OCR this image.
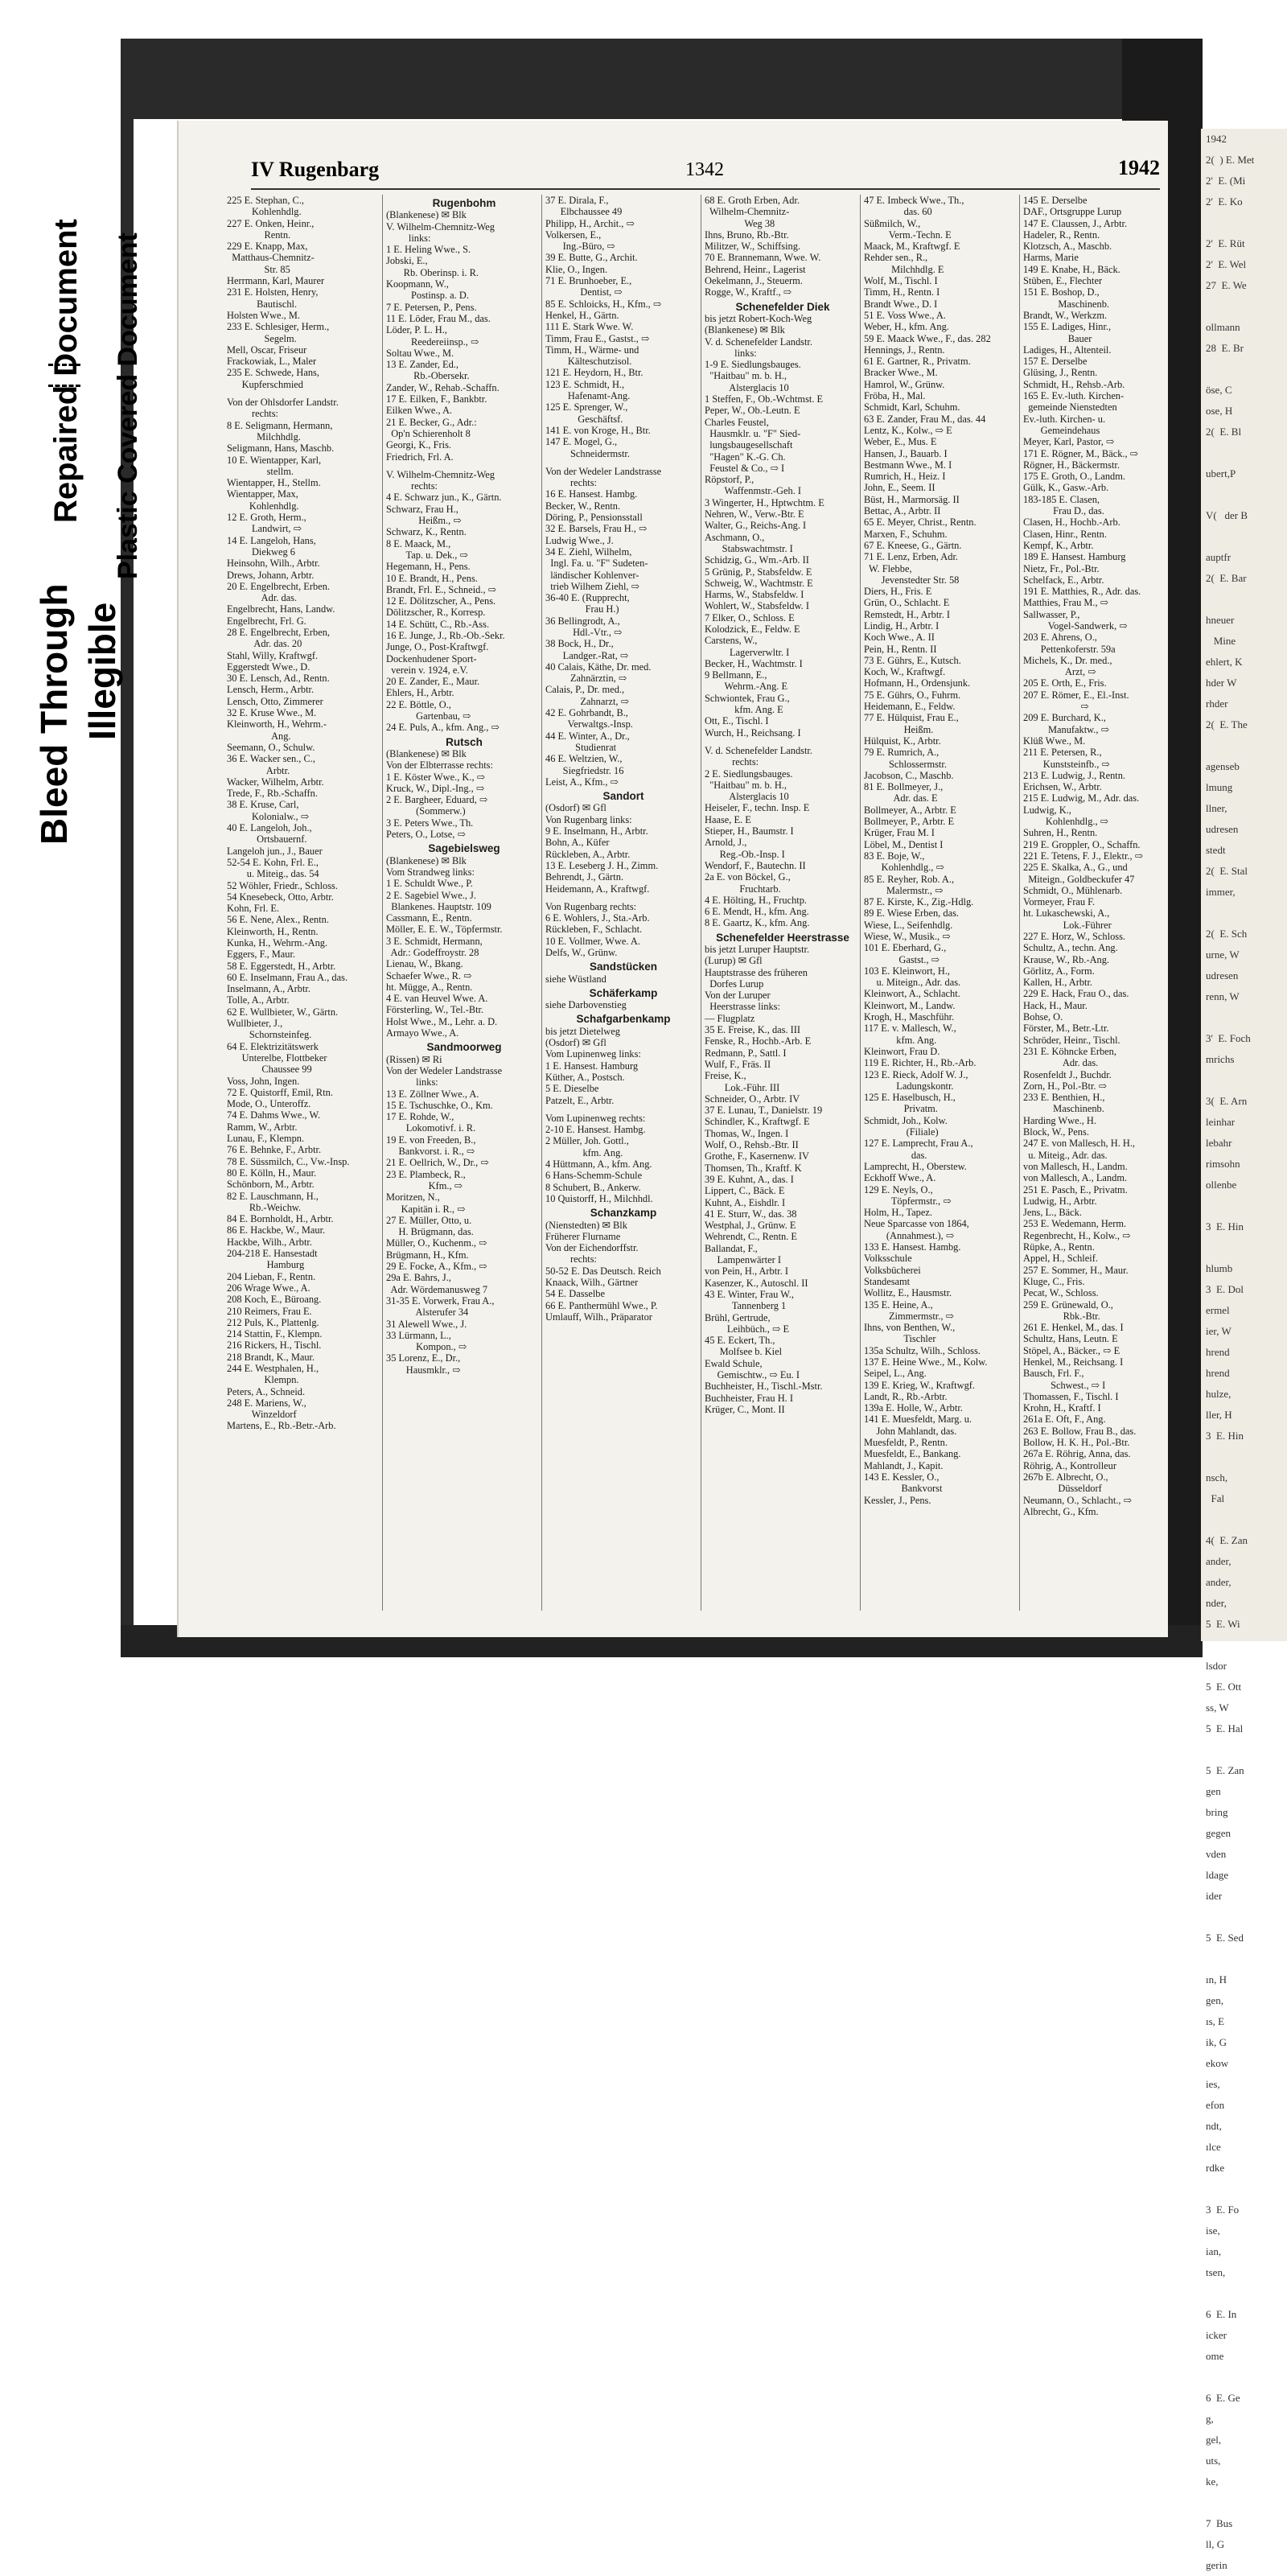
Bleed Through Illegible
Repaired Document Plastic Covered Document
IV Rugenbarg	1342	1942
225 E. Stephan, C.,
Kohlenhdlg.
227 E. Onken, Heinr.,
Rentn.
229 E. Knapp, Max,
Matthaus-Chemnitz-
Str. 85
Herrmann, Karl, Maurer
231 E. Holsten, Henry,
Bautischl.
Holsten Wwe., M.
233 E. Schlesiger, Herm.,
Segelm.
Mell, Oscar, Friseur
Frackowiak, L., Maler
235 E. Schwede, Hans,
Kupferschmied
Von der Ohlsdorfer Landstr.
rechts:
8 E. Seligmann, Hermann,
Milchhdlg.
Seligmann, Hans, Maschb.
10 E. Wientapper, Karl,
stellm.
Wientapper, H., Stellm.
Wientapper, Max,
Kohlenhdlg.
12 E. Groth, Herm.,
Landwirt, ⇨
14 E. Langeloh, Hans,
Diekweg 6
Heinsohn, Wilh., Arbtr.
Drews, Johann, Arbtr.
20 E. Engelbrecht, Erben.
Adr. das.
Engelbrecht, Hans, Landw.
Engelbrecht, Frl. G.
28 E. Engelbrecht, Erben,
Adr. das. 20
Stahl, Willy, Kraftwgf.
Eggerstedt Wwe., D.
30 E. Lensch, Ad., Rentn.
Lensch, Herm., Arbtr.
Lensch, Otto, Zimmerer
32 E. Kruse Wwe., M.
Kleinworth, H., Wehrm.-
Ang.
Seemann, O., Schulw.
36 E. Wacker sen., C.,
Arbtr.
Wacker, Wilhelm, Arbtr.
Trede, F., Rb.-Schaffn.
38 E. Kruse, Carl,
Kolonialw., ⇨
40 E. Langeloh, Joh.,
Ortsbauernf.
Langeloh jun., J., Bauer
52-54 E. Kohn, Frl. E.,
u. Miteig., das. 54
52 Wöhler, Friedr., Schloss.
54 Knesebeck, Otto, Arbtr.
Kohn, Frl. E.
56 E. Nene, Alex., Rentn.
Kleinworth, H., Rentn.
Kunka, H., Wehrm.-Ang.
Eggers, F., Maur.
58 E. Eggerstedt, H., Arbtr.
60 E. Inselmann, Frau A., das.
Inselmann, A., Arbtr.
Tolle, A., Arbtr.
62 E. Wullbieter, W., Gärtn.
Wullbieter, J.,
Schornsteinfeg.
64 E. Elektrizitätswerk
Unterelbe, Flottbeker
Chaussee 99
Voss, John, Ingen.
72 E. Quistorff, Emil, Rtn.
Mode, O., Unteroffz.
74 E. Dahms Wwe., W.
Ramm, W., Arbtr.
Lunau, F., Klempn.
76 E. Behnke, F., Arbtr.
78 E. Süssmilch, C., Vw.-Insp.
80 E. Kölln, H., Maur.
Schönborn, M., Arbtr.
82 E. Lauschmann, H.,
Rb.-Weichw.
84 E. Bornholdt, H., Arbtr.
86 E. Hackbe, W., Maur.
Hackbe, Wilh., Arbtr.
204-218 E. Hansestadt
Hamburg
204 Lieban, F., Rentn.
206 Wrage Wwe., A.
208 Koch, E., Büroang.
210 Reimers, Frau E.
212 Puls, K., Plattenlg.
214 Stattin, F., Klempn.
216 Rickers, H., Tischl.
218 Brandt, K., Maur.
244 E. Westphalen, H.,
Klempn.
Peters, A., Schneid.
248 E. Mariens, W.,
Winzeldorf
Martens, E., Rb.-Betr.-Arb.
Rugenbohm
(Blankenese) ✉ Blk
V. Wilhelm-Chemnitz-Weg
links:
1 E. Heling Wwe., S.
Jobski, E.,
Rb. Oberinsp. i. R.
Koopmann, W.,
Postinsp. a. D.
7 E. Petersen, P., Pens.
11 E. Löder, Frau M., das.
Löder, P. L. H.,
Reedereiinsp., ⇨
Soltau Wwe., M.
13 E. Zander, Ed.,
Rb.-Obersekr.
Zander, W., Rehab.-Schaffn.
17 E. Eilken, F., Bankbtr.
Eilken Wwe., A.
21 E. Becker, G., Adr.:
Op'n Schierenholt 8
Georgi, K., Fris.
Friedrich, Frl. A.
V. Wilhelm-Chemnitz-Weg
rechts:
4 E. Schwarz jun., K., Gärtn.
Schwarz, Frau H.,
Heißm., ⇨
Schwarz, K., Rentn.
8 E. Maack, M.,
Tap. u. Dek., ⇨
Hegemann, H., Pens.
10 E. Brandt, H., Pens.
Brandt, Frl. E., Schneid., ⇨
12 E. Dölitzscher, A., Pens.
Dölitzscher, R., Korresp.
14 E. Schütt, C., Rb.-Ass.
16 E. Junge, J., Rb.-Ob.-Sekr.
Junge, O., Post-Kraftwgf.
Dockenhudener Sport-
verein v. 1924, e.V.
20 E. Zander, E., Maur.
Ehlers, H., Arbtr.
22 E. Böttle, O.,
Gartenbau, ⇨
24 E. Puls, A., kfm. Ang., ⇨
Rutsch
(Blankenese) ✉ Blk
Von der Elbterrasse rechts:
1 E. Köster Wwe., K., ⇨
Kruck, W., Dipl.-Ing., ⇨
2 E. Bargheer, Eduard, ⇨
(Sommerw.)
3 E. Peters Wwe., Th.
Peters, O., Lotse, ⇨
Sagebielsweg
(Blankenese) ✉ Blk
Vom Strandweg links:
1 E. Schuldt Wwe., P.
2 E. Sagebiel Wwe., J.
Blankenes. Hauptstr. 109
Cassmann, E., Rentn.
Möller, E. E. W., Töpfermstr.
3 E. Schmidt, Hermann,
Adr.: Godeffroystr. 28
Lienau, W., Bkang.
Schaefer Wwe., R. ⇨
ht. Mügge, A., Rentn.
4 E. van Heuvel Wwe. A.
Försterling, W., Tel.-Btr.
Holst Wwe., M., Lehr. a. D.
Armayo Wwe., A.
Sandmoorweg
(Rissen) ✉ Ri
Von der Wedeler Landstrasse
links:
13 E. Zöllner Wwe., A.
15 E. Tschuschke, O., Km.
17 E. Rohde, W.,
Lokomotivf. i. R.
19 E. von Freeden, B.,
Bankvorst. i. R., ⇨
21 E. Oellrich, W., Dr., ⇨
23 E. Plambeck, R.,
Kfm., ⇨
Moritzen, N.,
Kapitän i. R., ⇨
27 E. Müller, Otto, u.
H. Brügmann, das.
Müller, O., Kuchenm., ⇨
Brügmann, H., Kfm.
29 E. Focke, A., Kfm., ⇨
29a E. Bahrs, J.,
Adr. Wördemanusweg 7
31-35 E. Vorwerk, Frau A.,
Alsterufer 34
31 Alewell Wwe., J.
33 Lürmann, L.,
Kompon., ⇨
35 Lorenz, E., Dr.,
Hausmklr., ⇨
37 E. Dirala, F.,
Elbchaussee 49
Philipp, H., Archit., ⇨
Volkersen, E.,
Ing.-Büro, ⇨
39 E. Butte, G., Archit.
Klie, O., Ingen.
71 E. Brunhoeber, E.,
Dentist, ⇨
85 E. Schloicks, H., Kfm., ⇨
Henkel, H., Gärtn.
111 E. Stark Wwe. W.
Timm, Frau E., Gastst., ⇨
Timm, H., Wärme- und
Kälteschutzisol.
121 E. Heydorn, H., Btr.
123 E. Schmidt, H.,
Hafenamt-Ang.
125 E. Sprenger, W.,
Geschäftsf.
141 E. von Kroge, H., Btr.
147 E. Mogel, G.,
Schneidermstr.
Von der Wedeler Landstrasse
rechts:
16 E. Hansest. Hambg.
Becker, W., Rentn.
Döring, P., Pensionsstall
32 E. Barsels, Frau H., ⇨
Ludwig Wwe., J.
34 E. Ziehl, Wilhelm,
Ingl. Fa. u. "F" Sudeten-
ländischer Kohlenver-
trieb Wilhem Ziehl, ⇨
36-40 E. (Rupprecht,
Frau H.)
36 Bellingrodt, A.,
Hdl.-Vtr., ⇨
38 Bock, H., Dr.,
Landger.-Rat, ⇨
40 Calais, Käthe, Dr. med.
Zahnärztin, ⇨
Calais, P., Dr. med.,
Zahnarzt, ⇨
42 E. Gohrbandt, B.,
Verwaltgs.-Insp.
44 E. Winter, A., Dr.,
Studienrat
46 E. Weltzien, W.,
Siegfriedstr. 16
Leist, A., Kfm., ⇨
Sandort
(Osdorf) ✉ Gfl
Von Rugenbarg links:
9 E. Inselmann, H., Arbtr.
Bohn, A., Küfer
Rückleben, A., Arbtr.
13 E. Leseberg J. H., Zimm.
Behrendt, J., Gärtn.
Heidemann, A., Kraftwgf.
Von Rugenbarg rechts:
6 E. Wohlers, J., Sta.-Arb.
Rückleben, F., Schlacht.
10 E. Vollmer, Wwe. A.
Delfs, W., Grünw.
Sandstücken
siehe Wüstland
Schäferkamp
siehe Darbovenstieg
Schafgarbenkamp
bis jetzt Dietelweg
(Osdorf) ✉ Gfl
Vom Lupinenweg links:
1 E. Hansest. Hamburg
Küther, A., Postsch.
5 E. Dieselbe
Patzelt, E., Arbtr.
Vom Lupinenweg rechts:
2-10 E. Hansest. Hambg.
2 Müller, Joh. Gottl.,
kfm. Ang.
4 Hüttmann, A., kfm. Ang.
6 Hans-Schemm-Schule
8 Schubert, B., Ankerw.
10 Quistorff, H., Milchhdl.
Schanzkamp
(Nienstedten) ✉ Blk
Früherer Flurname
Von der Eichendorffstr.
rechts:
50-52 E. Das Deutsch. Reich
Knaack, Wilh., Gärtner
54 E. Dasselbe
66 E. Panthermühl Wwe., P.
Umlauff, Wilh., Präparator
68 E. Groth Erben, Adr.
Wilhelm-Chemnitz-
Weg 38
Ihns, Bruno, Rb.-Btr.
Militzer, W., Schiffsing.
70 E. Brannemann, Wwe. W.
Behrend, Heinr., Lagerist
Oekelmann, J., Steuerm.
Rogge, W., Kraftf., ⇨
Schenefelder Diek
bis jetzt Robert-Koch-Weg
(Blankenese) ✉ Blk
V. d. Schenefelder Landstr.
links:
1-9 E. Siedlungsbauges.
"Haitbau" m. b. H.,
Alsterglacis 10
1 Steffen, F., Ob.-Wchtmst. E
Peper, W., Ob.-Leutn. E
Charles Feustel,
Hausmklr. u. "F" Sied-
lungsbaugesellschaft
"Hagen" K.-G. Ch.
Feustel & Co., ⇨ I
Röpstorf, P.,
Waffenmstr.-Geh. I
3 Wingerter, H., Hptwchtm. E
Nehren, W., Verw.-Btr. E
Walter, G., Reichs-Ang. I
Aschmann, O.,
Stabswachtmstr. I
Schidzig, G., Wm.-Arb. II
5 Grünig, P., Stabsfeldw. E
Schweig, W., Wachtmstr. E
Harms, W., Stabsfeldw. I
Wohlert, W., Stabsfeldw. I
7 Elker, O., Schloss. E
Kolodzick, E., Feldw. E
Carstens, W.,
Lagerverwltr. I
Becker, H., Wachtmstr. I
9 Bellmann, E.,
Wehrm.-Ang. E
Schwiontek, Frau G.,
kfm. Ang. E
Ott, E., Tischl. I
Wurch, H., Reichsang. I
V. d. Schenefelder Landstr.
rechts:
2 E. Siedlungsbauges.
"Haitbau" m. b. H.,
Alsterglacis 10
Heiseler, F., techn. Insp. E
Haase, E. E
Stieper, H., Baumstr. I
Arnold, J.,
Reg.-Ob.-Insp. I
Wendorf, F., Bautechn. II
2a E. von Böckel, G.,
Fruchtarb.
4 E. Hölting, H., Fruchtp.
6 E. Mendt, H., kfm. Ang.
8 E. Gaartz, K., kfm. Ang.
Schenefelder Heerstrasse
bis jetzt Luruper Hauptstr.
(Lurup) ✉ Gfl
Hauptstrasse des früheren
Dorfes Lurup
Von der Luruper
Heerstrasse links:
— Flugplatz
35 E. Freise, K., das. III
Fenske, R., Hochb.-Arb. E
Redmann, P., Sattl. I
Wulf, F., Fräs. II
Freise, K.,
Lok.-Führ. III
Schneider, O., Arbtr. IV
37 E. Lunau, T., Danielstr. 19
Schindler, K., Kraftwgf. E
Thomas, W., Ingen. I
Wolf, O., Rehsb.-Btr. II
Grothe, F., Kasernenw. IV
Thomsen, Th., Kraftf. K
39 E. Kuhnt, A., das. I
Lippert, C., Bäck. E
Kuhnt, A., Eishdlr. I
41 E. Sturr, W., das. 38
Westphal, J., Grünw. E
Wehrendt, C., Rentn. E
Ballandat, F.,
Lampenwärter I
von Pein, H., Arbtr. I
Kasenzer, K., Autoschl. II
43 E. Winter, Frau W.,
Tannenberg 1
Brühl, Gertrude,
Leihbüch., ⇨ E
45 E. Eckert, Th.,
Molfsee b. Kiel
Ewald Schule,
Gemischtw., ⇨ Eu. I
Buchheister, H., Tischl.-Mstr.
Buchheister, Frau H. I
Krüger, C., Mont. II
47 E. Imbeck Wwe., Th.,
das. 60
Süßmilch, W.,
Verm.-Techn. E
Maack, M., Kraftwgf. E
Rehder sen., R.,
Milchhdlg. E
Wolf, M., Tischl. I
Timm, H., Rentn. I
Brandt Wwe., D. I
51 E. Voss Wwe., A.
Weber, H., kfm. Ang.
59 E. Maack Wwe., F., das. 282
Hennings, J., Rentn.
61 E. Gartner, R., Privatm.
Bracker Wwe., M.
Hamrol, W., Grünw.
Fröba, H., Mal.
Schmidt, Karl, Schuhm.
63 E. Zander, Frau M., das. 44
Lentz, K., Kolw., ⇨ E
Weber, E., Mus. E
Hansen, J., Bauarb. I
Bestmann Wwe., M. I
Rumrich, H., Heiz. I
John, E., Seem. II
Büst, H., Marmorsäg. II
Bettac, A., Arbtr. II
65 E. Meyer, Christ., Rentn.
Marxen, F., Schuhm.
67 E. Kneese, G., Gärtn.
71 E. Lenz, Erben, Adr.
W. Flebbe,
Jevenstedter Str. 58
Diers, H., Fris. E
Grün, O., Schlacht. E
Remstedt, H., Arbtr. I
Lindig, H., Arbtr. I
Koch Wwe., A. II
Pein, H., Rentn. II
73 E. Gührs, E., Kutsch.
Koch, W., Kraftwgf.
Hofmann, H., Ordensjunk.
75 E. Gührs, O., Fuhrm.
Heidemann, E., Feldw.
77 E. Hülquist, Frau E.,
Heißm.
Hülquist, K., Arbtr.
79 E. Rumrich, A.,
Schlossermstr.
Jacobson, C., Maschb.
81 E. Bollmeyer, J.,
Adr. das. E
Bollmeyer, A., Arbtr. E
Bollmeyer, P., Arbtr. E
Krüger, Frau M. I
Löbel, M., Dentist I
83 E. Boje, W.,
Kohlenhdlg., ⇨
85 E. Reyher, Rob. A.,
Malermstr., ⇨
87 E. Kirste, K., Zig.-Hdlg.
89 E. Wiese Erben, das.
Wiese, L., Seifenhdlg.
Wiese, W., Musik., ⇨
101 E. Eberhard, G.,
Gastst., ⇨
103 E. Kleinwort, H.,
u. Miteign., Adr. das.
Kleinwort, A., Schlacht.
Kleinwort, M., Landw.
Krogh, H., Maschführ.
117 E. v. Mallesch, W.,
kfm. Ang.
Kleinwort, Frau D.
119 E. Richter, H., Rb.-Arb.
123 E. Rieck, Adolf W. J.,
Ladungskontr.
125 E. Haselbusch, H.,
Privatm.
Schmidt, Joh., Kolw.
(Filiale)
127 E. Lamprecht, Frau A.,
das.
Lamprecht, H., Oberstew.
Eckhoff Wwe., A.
129 E. Neyls, O.,
Töpfermstr., ⇨
Holm, H., Tapez.
Neue Sparcasse von 1864,
(Annahmest.), ⇨
133 E. Hansest. Hambg.
Volksschule
Volksbücherei
Standesamt
Wollitz, E., Hausmstr.
135 E. Heine, A.,
Zimmermstr., ⇨
Ihns, von Benthen, W.,
Tischler
135a Schultz, Wilh., Schloss.
137 E. Heine Wwe., M., Kolw.
Seipel, L., Ang.
139 E. Krieg, W., Kraftwgf.
Landt, R., Rb.-Arbtr.
139a E. Holle, W., Arbtr.
141 E. Muesfeldt, Marg. u.
John Mahlandt, das.
Muesfeldt, P., Rentn.
Muesfeldt, E., Bankang.
Mahlandt, J., Kapit.
143 E. Kessler, O.,
Bankvorst
Kessler, J., Pens.
145 E. Derselbe
DAF., Ortsgruppe Lurup
147 E. Claussen, J., Arbtr.
Hadeler, R., Rentn.
Klotzsch, A., Maschb.
Harms, Marie
149 E. Knabe, H., Bäck.
Stüben, E., Flechter
151 E. Boshop, D.,
Maschinenb.
Brandt, W., Werkzm.
155 E. Ladiges, Hinr.,
Bauer
Ladiges, H., Altenteil.
157 E. Derselbe
Glüsing, J., Rentn.
Schmidt, H., Rehsb.-Arb.
165 E. Ev.-luth. Kirchen-
gemeinde Nienstedten
Ev.-luth. Kirchen- u.
Gemeindehaus
Meyer, Karl, Pastor, ⇨
171 E. Rögner, M., Bäck., ⇨
Rögner, H., Bäckermstr.
175 E. Groth, O., Landm.
Gülk, K., Gasw.-Arb.
183-185 E. Clasen,
Frau D., das.
Clasen, H., Hochb.-Arb.
Clasen, Hinr., Rentn.
Kempf, K., Arbtr.
189 E. Hansest. Hamburg
Nietz, Fr., Pol.-Btr.
Schelfack, E., Arbtr.
191 E. Matthies, R., Adr. das.
Matthies, Frau M., ⇨
Sallwasser, P.,
Vogel-Sandwerk, ⇨
203 E. Ahrens, O.,
Pettenkoferstr. 59a
Michels, K., Dr. med.,
Arzt, ⇨
205 E. Orth, E., Fris.
207 E. Römer, E., El.-Inst.
⇨
209 E. Burchard, K.,
Manufaktw., ⇨
Klüß Wwe., M.
211 E. Petersen, R.,
Kunststeinfb., ⇨
213 E. Ludwig, J., Rentn.
Erichsen, W., Arbtr.
215 E. Ludwig, M., Adr. das.
Ludwig, K.,
Kohlenhdlg., ⇨
Suhren, H., Rentn.
219 E. Groppler, O., Schaffn.
221 E. Tetens, F. J., Elektr., ⇨
225 E. Skalka, A., G., und
Miteign., Goldbeckufer 47
Schmidt, O., Mühlenarb.
Vormeyer, Frau F.
ht. Lukaschewski, A.,
Lok.-Führer
227 E. Horz, W., Schloss.
Schultz, A., techn. Ang.
Krause, W., Rb.-Ang.
Görlitz, A., Form.
Kallen, H., Arbtr.
229 E. Hack, Frau O., das.
Hack, H., Maur.
Bohse, O.
Förster, M., Betr.-Ltr.
Schröder, Heinr., Tischl.
231 E. Köhncke Erben,
Adr. das.
Rosenfeldt J., Buchdr.
Zorn, H., Pol.-Btr. ⇨
233 E. Benthien, H.,
Maschinenb.
Harding Wwe., H.
Block, W., Pens.
247 E. von Mallesch, H. H.,
u. Miteig., Adr. das.
von Mallesch, H., Landm.
von Mallesch, A., Landm.
251 E. Pasch, E., Privatm.
Ludwig, H., Arbtr.
Jens, L., Bäck.
253 E. Wedemann, Herm.
Regenbrecht, H., Kolw., ⇨
Rüpke, A., Rentn.
Appel, H., Schleif.
257 E. Sommer, H., Maur.
Kluge, C., Fris.
Pecat, W., Schloss.
259 E. Grünewald, O.,
Rbk.-Btr.
261 E. Henkel, M., das. I
Schultz, Hans, Leutn. E
Stöpel, A., Bäcker., ⇨ E
Henkel, M., Reichsang. I
Bausch, Frl. F.,
Schwest., ⇨ I
Thomassen, F., Tischl. I
Krohn, H., Kraftf. I
261a E. Oft, F., Ang.
263 E. Bollow, Frau B., das.
Bollow, H. K. H., Pol.-Btr.
267a E. Röhrig, Anna, das.
Röhrig, A., Kontrolleur
267b E. Albrecht, O.,
Düsseldorf
Neumann, O., Schlacht., ⇨
Albrecht, G., Kfm.
1942
2(  ) E. Met
2'  E. (Mi
2'  E. Ko

2'  E. Rüt
2'  E. Wel
27  E. We

ollmann
28  E. Br

öse, C
ose, H
2(  E. Bl

ubert,P

V(   der B

auptfr
2(  E. Bar

hneuer
Mine
ehlert, K
hder W
rhder
2(  E. The

agenseb
lmung
llner,
udresen
stedt
2(  E. Stal
immer,

2(  E. Sch
urne, W
udresen
renn, W

3'  E. Foch
mrichs

3(  E. Arn
leinhar
lebahr
rimsohn
ollenbe

3  E. Hin

hlumb
3  E. Dol
ermel
ier, W
hrend
hrend
hulze,
ller, H
3  E. Hin

nsch,
Fal

4(  E. Zan
ander,
ander,
nder,
5  E. Wi

lsdor
5  E. Ott
ss, W
5  E. Hal

5  E. Zan
gen
bring
gegen
vden
ldage
ider

5  E. Sed

ın, H
gen,
ıs, E
ik, G
ekow
ies,
efon
ndt,
ılce
rdke

3  E. Fo
ise,
ian,
tsen,

6  E. In
icker
ome

6  E. Ge
g,
gel,
uts,
ke,

7  Bus
ll, G
gerin
